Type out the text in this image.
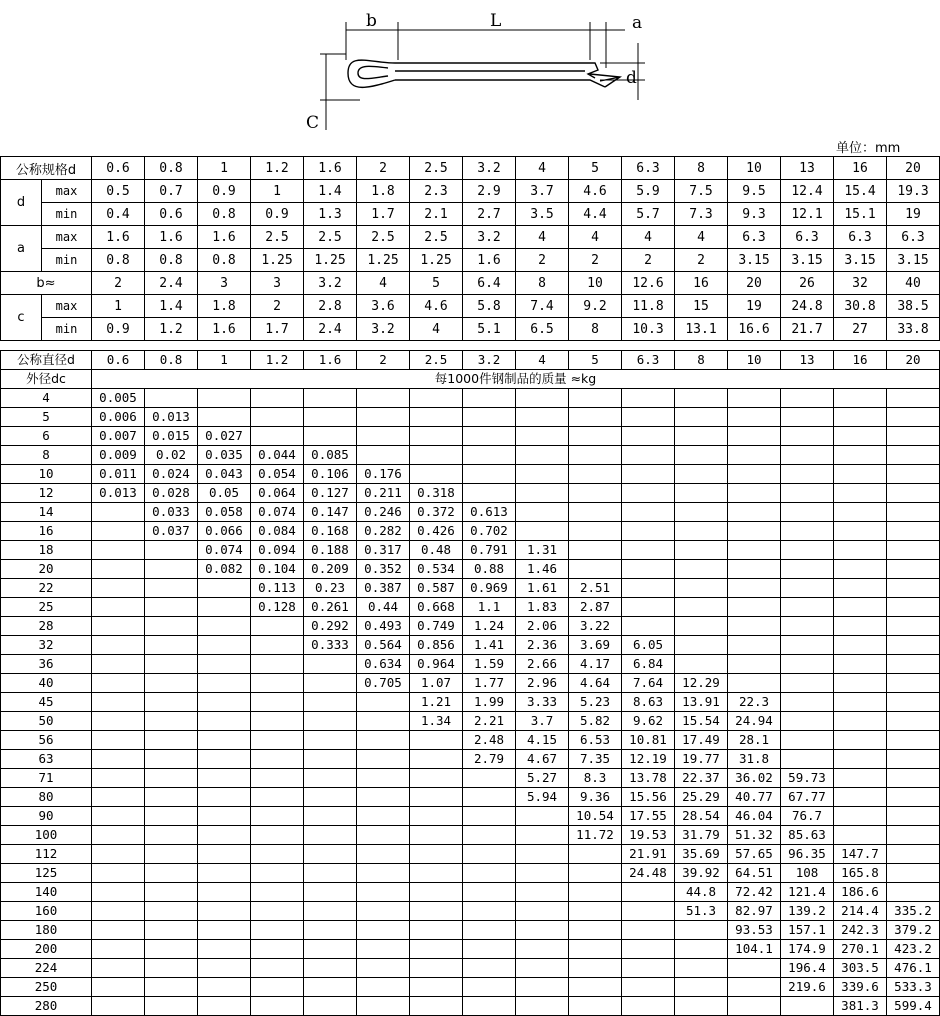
b	L	a
d
C
单位：mm
公称规格d		0.6	0.8	1	1.2	1.6	2	2.5	3.2	4	5	6.3	8	10	13	16	20
d	max	0.5	0.7	0.9	1	1.4	1.8	2.3	2.9	3.7	4.6	5.9	7.5	9.5	12.4	15.4	19.3
	min	0.4	0.6	0.8	0.9	1.3	1.7	2.1	2.7	3.5	4.4	5.7	7.3	9.3	12.1	15.1	19
a	max	1.6	1.6	1.6	2.5	2.5	2.5	2.5	3.2	4	4	4	4	6.3	6.3	6.3	6.3
	min	0.8	0.8	0.8	1.25	1.25	1.25	1.25	1.6	2	2	2	2	3.15	3.15	3.15	3.15
b≈		2	2.4	3	3	3.2	4	5	6.4	8	10	12.6	16	20	26	32	40
c	max	1	1.4	1.8	2	2.8	3.6	4.6	5.8	7.4	9.2	11.8	15	19	24.8	30.8	38.5
	min	0.9	1.2	1.6	1.7	2.4	3.2	4	5.1	6.5	8	10.3	13.1	16.6	21.7	27	33.8
公称直径d	0.6	0.8	1	1.2	1.6	2	2.5	3.2	4	5	6.3	8	10	13	16	20
外径dc	每1000件钢制品的质量 ≈kg															
4	0.005															
5	0.006	0.013														
6	0.007	0.015	0.027													
8	0.009	0.02	0.035	0.044	0.085											
10	0.011	0.024	0.043	0.054	0.106	0.176										
12	0.013	0.028	0.05	0.064	0.127	0.211	0.318									
14		0.033	0.058	0.074	0.147	0.246	0.372	0.613								
16		0.037	0.066	0.084	0.168	0.282	0.426	0.702								
18			0.074	0.094	0.188	0.317	0.48	0.791	1.31							
20			0.082	0.104	0.209	0.352	0.534	0.88	1.46							
22				0.113	0.23	0.387	0.587	0.969	1.61	2.51						
25				0.128	0.261	0.44	0.668	1.1	1.83	2.87						
28					0.292	0.493	0.749	1.24	2.06	3.22						
32					0.333	0.564	0.856	1.41	2.36	3.69	6.05					
36						0.634	0.964	1.59	2.66	4.17	6.84					
40						0.705	1.07	1.77	2.96	4.64	7.64	12.29				
45							1.21	1.99	3.33	5.23	8.63	13.91	22.3			
50							1.34	2.21	3.7	5.82	9.62	15.54	24.94			
56								2.48	4.15	6.53	10.81	17.49	28.1			
63								2.79	4.67	7.35	12.19	19.77	31.8			
71									5.27	8.3	13.78	22.37	36.02	59.73		
80									5.94	9.36	15.56	25.29	40.77	67.77		
90										10.54	17.55	28.54	46.04	76.7		
100										11.72	19.53	31.79	51.32	85.63		
112											21.91	35.69	57.65	96.35	147.7	
125											24.48	39.92	64.51	108	165.8	
140												44.8	72.42	121.4	186.6	
160												51.3	82.97	139.2	214.4	335.2
180													93.53	157.1	242.3	379.2
200													104.1	174.9	270.1	423.2
224														196.4	303.5	476.1
250														219.6	339.6	533.3
280															381.3	599.4
